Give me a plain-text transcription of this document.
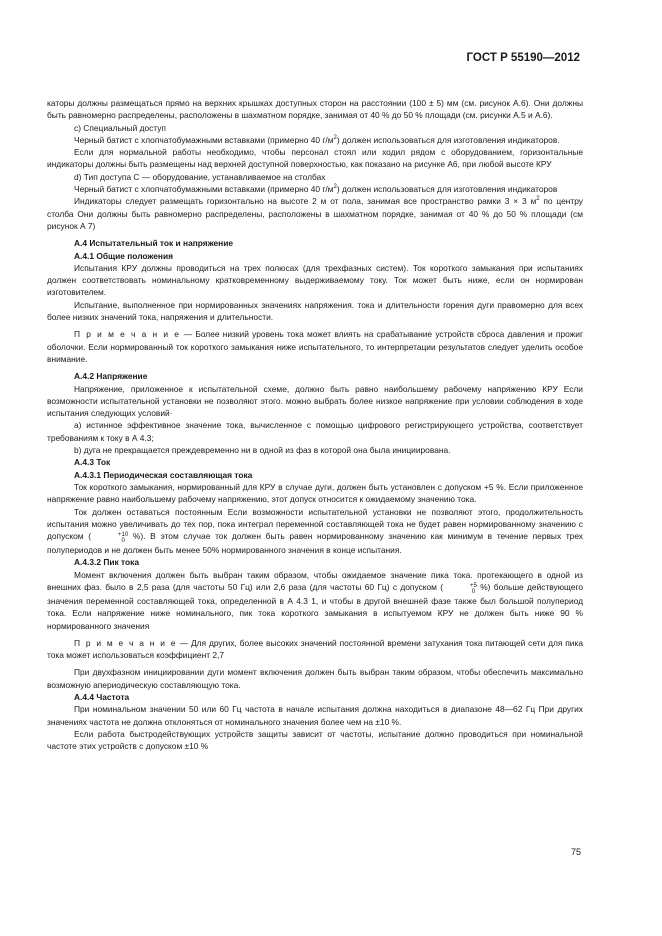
ГОСТ Р 55190—2012

каторы должны размещаться прямо на верхних крышках доступных сторон на расстоянии (100 ± 5) мм (см. рисунок А.6). Они должны быть равномерно распределены, расположены в шахматном порядке, занимая от 40 % до 50 % площади (см. рисунки А.5 и А.6).

c) Специальный доступ

Черный батист с хлопчатобумажными вставками (примерно 40 $г/м^2$) должен использоваться для изготовления индикаторов.

Если для нормальной работы необходимо, чтобы персонал стоял или ходил рядом с оборудованием, горизонтальные индикаторы должны быть размещены над верхней доступной поверхностью, как показано на рисунке А6, при любой высоте КРУ

d) Тип доступа С — оборудование, устанавливаемое на столбах

Черный батист с хлопчатобумажными вставками (примерно 40 $г/м^2$) должен использоваться для изготовления индикаторов

Индикаторы следует размещать горизонтально на высоте 2 м от пола, занимая все пространство рамки 3 × 3 $м^2$ по центру столба Они должны быть равномерно распределены, расположены в шахматном порядке, занимая от 40 % до 50 % площади (см рисунок А 7)

А.4 Испытательный ток и напряжение

А.4.1 Общие положения

Испытания КРУ должны проводиться на трех полюсах (для трехфазных систем). Ток короткого замыкания при испытаниях должен соответствовать номинальному кратковременному выдерживаемому току. Ток может быть ниже, если он нормирован изготовителем.

Испытание, выполненное при нормированных значениях напряжения. тока и длительности горения дуги правомерно для всех более низких значений тока, напряжения и длительности.

П р и м е ч а н и е — Более низкий уровень тока может влиять на срабатывание устройств сброса давления и прожиг оболочки. Если нормированный ток короткого замыкания ниже испытательного, то интерпретации результатов следует уделить особое внимание.

А.4.2 Напряжение

Напряжение, приложенное к испытательной схеме, должно быть равно наибольшему рабочему напряжению КРУ Если возможности испытательной установки не позволяют этого. можно выбрать более низкое напряжение при условии соблюдения в ходе испытания следующих условий·

а) истинное эффективное значение тока, вычисленное с помощью цифрового регистрирующего устройства, соответствует требованиям к току в А 4.3;

b) дуга не прекращается преждевременно ни в одной из фаз в которой она была инициирована.

А.4.3 Ток

А.4.3.1 Периодическая составляющая тока

Ток короткого замыкания, нормированный для КРУ в случае дуги, должен быть установлен с допуском +5 %. Если приложенное напряжение равно наибольшему рабочему напряжению, этот допуск относится к ожидаемому значению тока.

Ток должен оставаться постоянным Если возможности испытательной установки не позволяют этого, продолжительность испытания можно увеличивать до тех пор, пока интеграл переменной составляющей тока не будет равен нормированному значению с допуском (	+10
0 %). В этом случае ток должен быть равен нормированному значению как минимум в течение первых трех полупериодов и не должен быть менее 50% нормированного значения в конце испытания.

А.4.3.2 Пик тока

Момент включения должен быть выбран таким образом, чтобы ожидаемое значение пика тока. протекающего в одной из внешних фаз. было в 2,5 раза (для частоты 50 Гц) или 2,6 раза (для частоты 60 Гц) с допуском (	+5
0 %) больше действующего значения переменной составляющей тока, определенной в А 4.3 1, и чтобы в другой внешней фазе также был большой полупериод тока. Если напряжение ниже номинального, пик тока короткого замыкания в испытуемом КРУ не должен быть ниже 90 % нормированного значения

П р и м е ч а н и е — Для других, более высоких значений постоянной времени затухания тока питающей сети для пика тока может использоваться коэффициент 2,7

При двухфазном инициировании дуги момент включения должен быть выбран таким образом, чтобы обеспечить максимально возможную апериодическую составляющую тока.

А.4.4 Частота

При номинальном значении 50 или 60 Гц частота в начале испытания должна находиться в диапазоне 48—62 Гц При других значениях частота не должна отклоняться от номинального значения более чем на ±10 %.

Если работа быстродействующих устройств защиты зависит от частоты, испытание должно проводиться при номинальной частоте этих устройств с допуском ±10 %

75
